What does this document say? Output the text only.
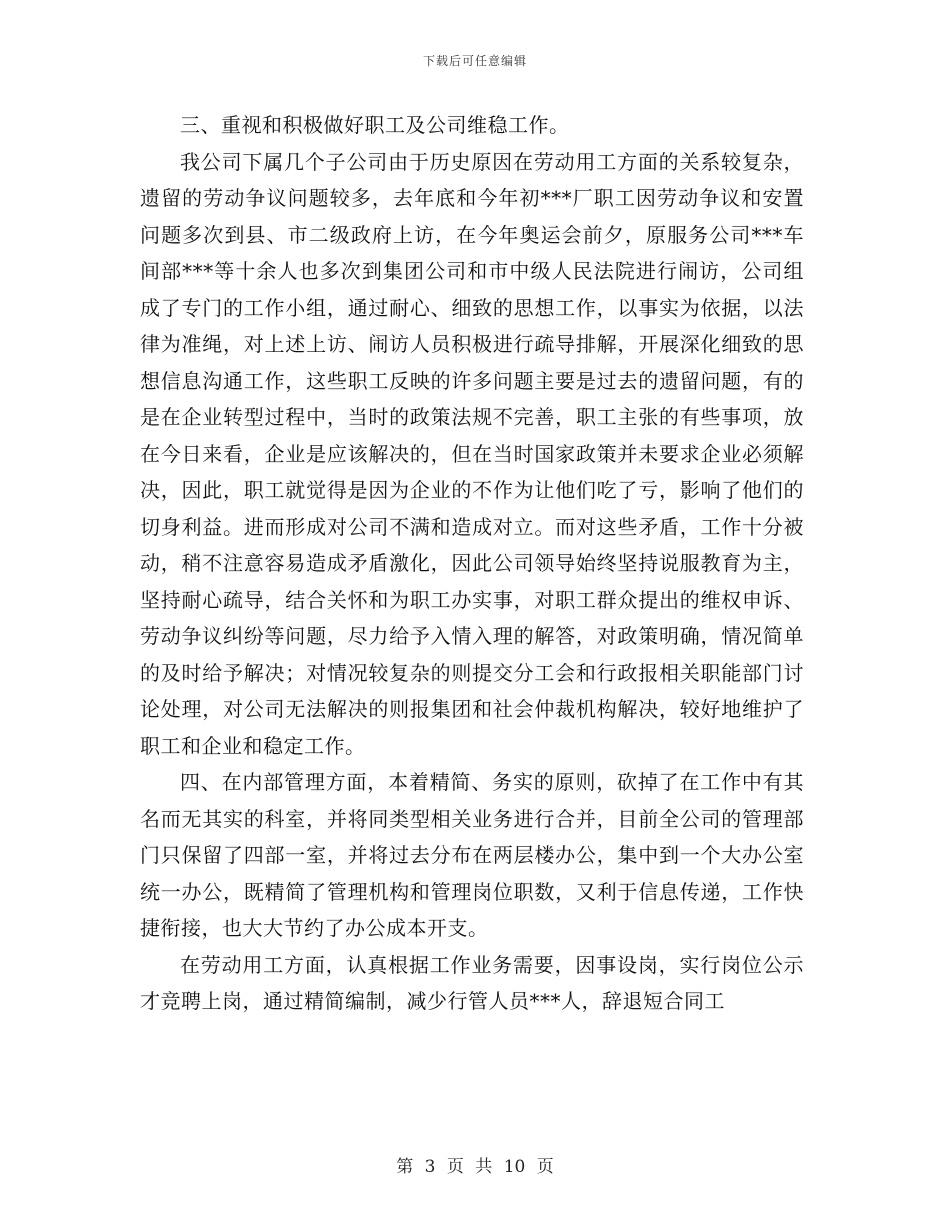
下载后可任意编辑

三、重视和积极做好职工及公司维稳工作。

我公司下属几个子公司由于历史原因在劳动用工方面的关系较复杂，遗留的劳动争议问题较多，去年底和今年初***厂职工因劳动争议和安置问题多次到县、市二级政府上访，在今年奥运会前夕，原服务公司***车间部***等十余人也多次到集团公司和市中级人民法院进行闹访，公司组成了专门的工作小组，通过耐心、细致的思想工作，以事实为依据，以法律为准绳，对上述上访、闹访人员积极进行疏导排解，开展深化细致的思想信息沟通工作，这些职工反映的许多问题主要是过去的遗留问题，有的是在企业转型过程中，当时的政策法规不完善，职工主张的有些事项，放在今日来看，企业是应该解决的，但在当时国家政策并未要求企业必须解决，因此，职工就觉得是因为企业的不作为让他们吃了亏，影响了他们的切身利益。进而形成对公司不满和造成对立。而对这些矛盾，工作十分被动，稍不注意容易造成矛盾激化，因此公司领导始终坚持说服教育为主，坚持耐心疏导，结合关怀和为职工办实事，对职工群众提出的维权申诉、劳动争议纠纷等问题，尽力给予入情入理的解答，对政策明确，情况简单的及时给予解决；对情况较复杂的则提交分工会和行政报相关职能部门讨论处理，对公司无法解决的则报集团和社会仲裁机构解决，较好地维护了职工和企业和稳定工作。

四、在内部管理方面，本着精简、务实的原则，砍掉了在工作中有其名而无其实的科室，并将同类型相关业务进行合并，目前全公司的管理部门只保留了四部一室，并将过去分布在两层楼办公，集中到一个大办公室统一办公，既精简了管理机构和管理岗位职数，又利于信息传递，工作快捷衔接，也大大节约了办公成本开支。

在劳动用工方面，认真根据工作业务需要，因事设岗，实行岗位公示才竞聘上岗，通过精简编制，减少行管人员***人，辞退短合同工

第 3 页 共 10 页
